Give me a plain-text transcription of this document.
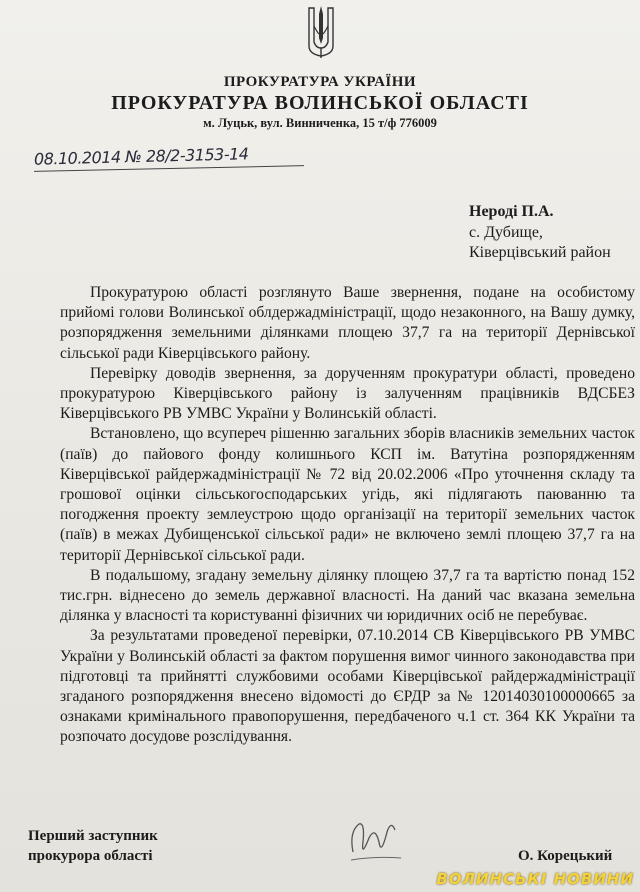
ПРОКУРАТУРА УКРАЇНИ
ПРОКУРАТУРА ВОЛИНСЬКОЇ ОБЛАСТІ
м. Луцьк, вул. Винниченка, 15 т/ф 776009
08.10.2014 № 28/2-3153-14
Нероді П.А.
с. Дубище,
Ківерцівський район

Прокуратурою області розглянуто Ваше звернення, подане на особистому прийомі голови Волинської облдержадміністрації, щодо незаконного, на Вашу думку, розпорядження земельними ділянками площею 37,7 га на території Дернівської сільської ради Ківерцівського району.

Перевірку доводів звернення, за дорученням прокуратури області, проведено прокуратурою Ківерцівського району із залученням працівників ВДСБЕЗ Ківерцівського РВ УМВС України у Волинській області.

Встановлено, що всупереч рішенню загальних зборів власників земельних часток (паїв) до пайового фонду колишнього КСП ім. Ватутіна розпорядженням Ківерцівської райдержадміністрації № 72 від 20.02.2006 «Про уточнення складу та грошової оцінки сільськогосподарських угідь, які підлягають паюванню та погодження проекту землеустрою щодо організації на території земельних часток (паїв) в межах Дубищенської сільської ради» не включено землі площею 37,7 га на території Дернівської сільської ради.

В подальшому, згадану земельну ділянку площею 37,7 га та вартістю понад 152 тис.грн. віднесено до земель державної власності. На даний час вказана земельна ділянка у власності та користуванні фізичних чи юридичних осіб не перебуває.

За результатами проведеної перевірки, 07.10.2014 СВ Ківерцівського РВ УМВС України у Волинській області за фактом порушення вимог чинного законодавства при підготовці та прийнятті службовими особами Ківерцівської райдержадміністрації згаданого розпорядження внесено відомості до ЄРДР за № 12014030100000665 за ознаками кримінального правопорушення, передбаченого ч.1 ст. 364 КК України та розпочато досудове розслідування.

Перший заступник
прокурора області	О. Корецький
ВОЛИНСЬКІ НОВИНИ
